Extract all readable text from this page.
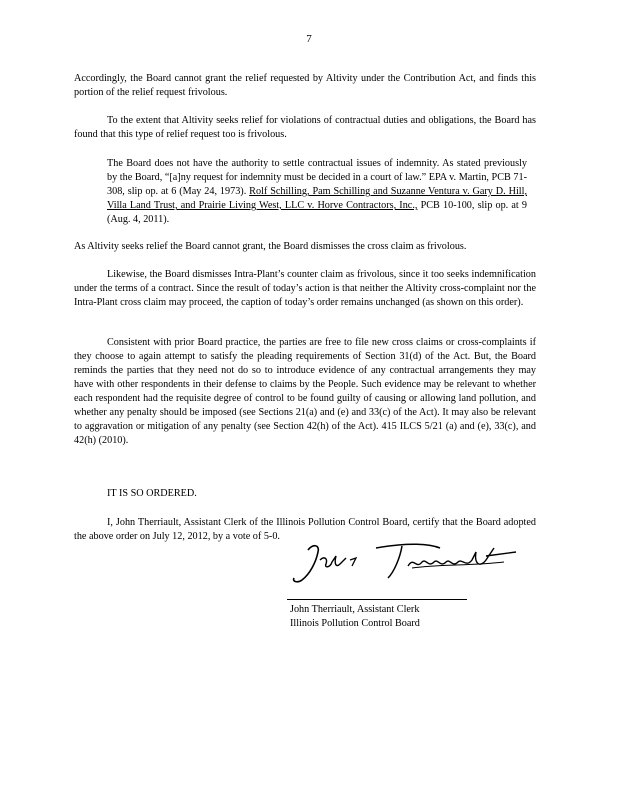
7

Accordingly, the Board cannot grant the relief requested by Altivity under the Contribution Act, and finds this portion of the relief request frivolous.

To the extent that Altivity seeks relief for violations of contractual duties and obligations, the Board has found that this type of relief request too is frivolous.

The Board does not have the authority to settle contractual issues of indemnity. As stated previously by the Board, “[a]ny request for indemnity must be decided in a court of law.” EPA v. Martin, PCB 71-308, slip op. at 6 (May 24, 1973). Rolf Schilling, Pam Schilling and Suzanne Ventura v. Gary D. Hill, Villa Land Trust, and Prairie Living West, LLC v. Horve Contractors, Inc., PCB 10-100, slip op. at 9 (Aug. 4, 2011).

As Altivity seeks relief the Board cannot grant, the Board dismisses the cross claim as frivolous.

Likewise, the Board dismisses Intra-Plant’s counter claim as frivolous, since it too seeks indemnification under the terms of a contract. Since the result of today’s action is that neither the Altivity cross-complaint nor the Intra-Plant cross claim may proceed, the caption of today’s order remains unchanged (as shown on this order).

Consistent with prior Board practice, the parties are free to file new cross claims or cross-complaints if they choose to again attempt to satisfy the pleading requirements of Section 31(d) of the Act. But, the Board reminds the parties that they need not do so to introduce evidence of any contractual arrangements they may have with other respondents in their defense to claims by the People. Such evidence may be relevant to whether each respondent had the requisite degree of control to be found guilty of causing or allowing land pollution, and whether any penalty should be imposed (see Sections 21(a) and (e) and 33(c) of the Act). It may also be relevant to aggravation or mitigation of any penalty (see Section 42(h) of the Act). 415 ILCS 5/21 (a) and (e), 33(c), and 42(h) (2010).

IT IS SO ORDERED.

I, John Therriault, Assistant Clerk of the Illinois Pollution Control Board, certify that the Board adopted the above order on July 12, 2012, by a vote of 5-0.

John Therriault, Assistant Clerk
Illinois Pollution Control Board
